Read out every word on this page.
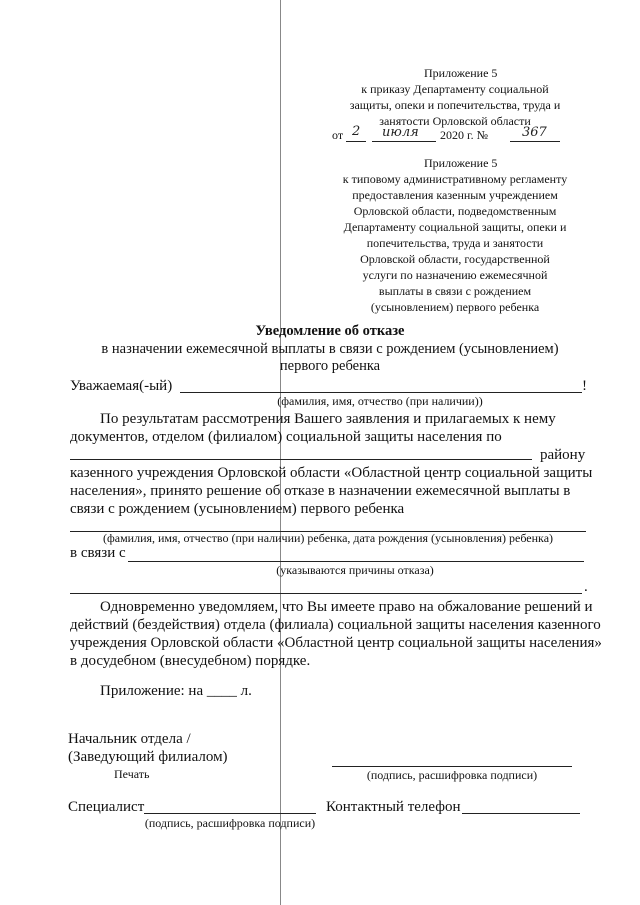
Приложение 5
к приказу Департаменту социальной
защиты, опеки и попечительства, труда и
занятости Орловской области
от 2 июля 2020 г. №	367
Приложение 5
к типовому административному регламенту
предоставления казенным учреждением
Орловской области, подведомственным
Департаменту социальной защиты, опеки и
попечительства, труда и занятости
Орловской области, государственной
услуги по назначению ежемесячной
выплаты в связи с рождением
(усыновлением) первого ребенка
Уведомление об отказе
в назначении ежемесячной выплаты в связи с рождением (усыновлением)
первого ребенка
Уважаемая(-ый)	!
(фамилия, имя, отчество (при наличии))
По результатам рассмотрения Вашего заявления и прилагаемых к нему
документов, отделом (филиалом) социальной защиты населения по
району
казенного учреждения Орловской области «Областной центр социальной защиты
населения», принято решение об отказе в назначении ежемесячной выплаты в
связи с рождением (усыновлением) первого ребенка
(фамилия, имя, отчество (при наличии) ребенка, дата рождения (усыновления) ребенка)
в связи с
(указываются причины отказа)
.
Одновременно уведомляем, что Вы имеете право на обжалование решений и
действий (бездействия) отдела (филиала) социальной защиты населения казенного
учреждения Орловской области «Областной центр социальной защиты населения»
в досудебном (внесудебном) порядке.
Приложение: на ____ л.
Начальник отдела /
(Заведующий филиалом)
Печать	(подпись, расшифровка подписи)
Специалист
(подпись, расшифровка подписи)
Контактный телефон
